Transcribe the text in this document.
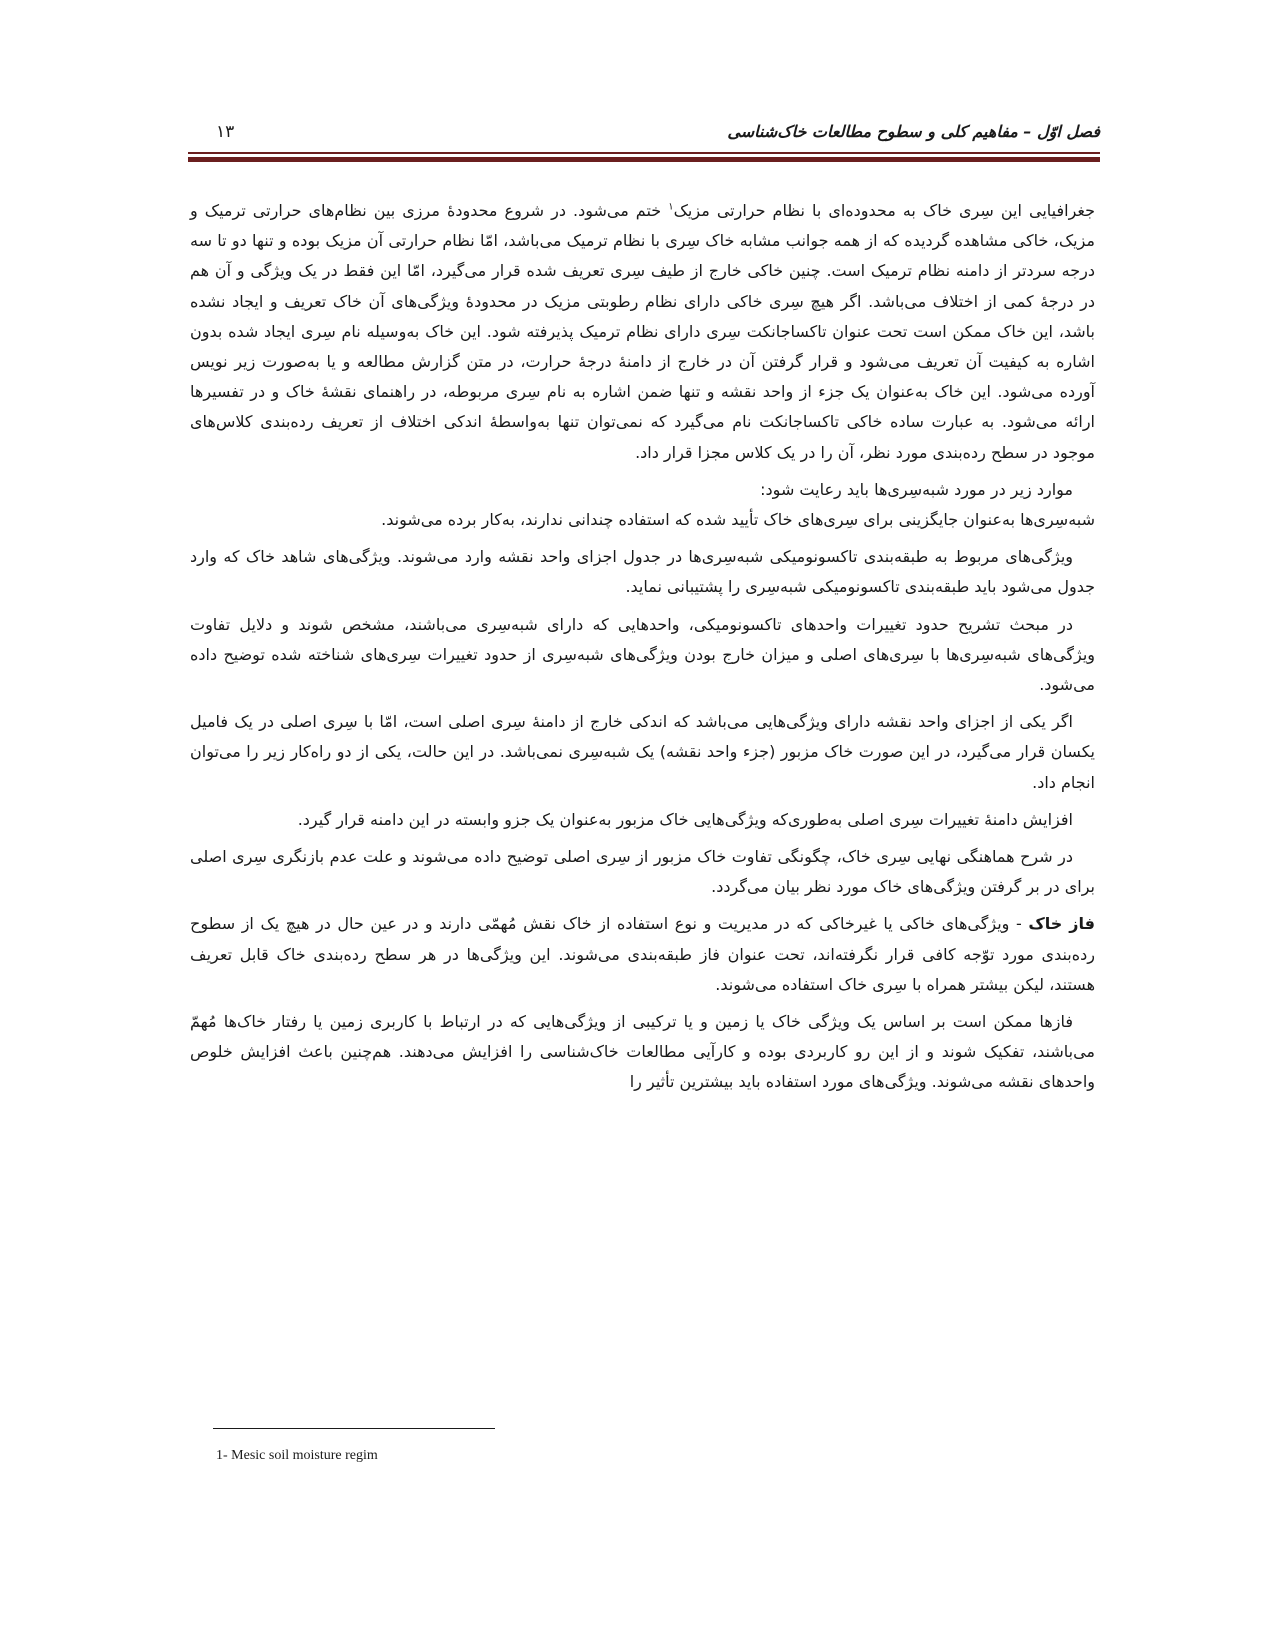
فصل اوّل – مفاهیم کلی و سطوح مطالعات خاک‌شناسی
۱۳

جغرافیایی این سِری خاک به محدوده‌ای با نظام حرارتی مزیک$^۱$ ختم می‌شود. در شروع محدودهٔ مرزی بین نظام‌های حرارتی ترمیک و مزیک، خاکی مشاهده گردیده که از همه جوانب مشابه خاک سِری با نظام ترمیک می‌باشد، امّا نظام حرارتی آن مزیک بوده و تنها دو تا سه درجه سردتر از دامنه نظام ترمیک است. چنین خاکی خارج از طیف سِری تعریف شده قرار می‌گیرد، امّا این فقط در یک ویژگی و آن هم در درجهٔ کمی از اختلاف می‌باشد. اگر هیچ سِری خاکی دارای نظام رطوبتی مزیک در محدودهٔ ویژگی‌های آن خاک تعریف و ایجاد نشده باشد، این خاک ممکن است تحت عنوان تاکساجانکت سِری دارای نظام ترمیک پذیرفته شود. این خاک به‌وسیله نام سِری ایجاد شده بدون اشاره به کیفیت آن تعریف می‌شود و قرار گرفتن آن در خارج از دامنهٔ درجهٔ حرارت، در متن گزارش مطالعه و یا به‌صورت زیر نویس آورده می‌شود. این خاک به‌عنوان یک جزء از واحد نقشه و تنها ضمن اشاره به نام سِری مربوطه، در راهنمای نقشهٔ خاک و در تفسیرها ارائه می‌شود. به عبارت ساده خاکی تاکساجانکت نام می‌گیرد که نمی‌توان تنها به‌واسطهٔ اندکی اختلاف از تعریف رده‌بندی کلاس‌های موجود در سطح رده‌بندی مورد نظر، آن را در یک کلاس مجزا قرار داد.

موارد زیر در مورد شبه‌سِری‌ها باید رعایت شود:

شبه‌سِری‌ها به‌عنوان جایگزینی برای سِری‌های خاک تأیید شده که استفاده چندانی ندارند، به‌کار برده می‌شوند.

ویژگی‌های مربوط به طبقه‌بندی تاکسونومیکی شبه‌سِری‌ها در جدول اجزای واحد نقشه وارد می‌شوند. ویژگی‌های شاهد خاک که وارد جدول می‌شود باید طبقه‌بندی تاکسونومیکی شبه‌سِری را پشتیبانی نماید.

در مبحث تشریح حدود تغییرات واحدهای تاکسونومیکی، واحدهایی که دارای شبه‌سِری می‌باشند، مشخص شوند و دلایل تفاوت ویژگی‌های شبه‌سِری‌ها با سِری‌های اصلی و میزان خارج بودن ویژگی‌های شبه‌سِری از حدود تغییرات سِری‌های شناخته شده توضیح داده می‌شود.

اگر یکی از اجزای واحد نقشه دارای ویژگی‌هایی می‌باشد که اندکی خارج از دامنهٔ سِری اصلی است، امّا با سِری اصلی در یک فامیل یکسان قرار می‌گیرد، در این صورت خاک مزبور (جزء واحد نقشه) یک شبه‌سِری نمی‌باشد. در این حالت، یکی از دو راه‌کار زیر را می‌توان انجام داد.

افزایش دامنهٔ تغییرات سِری اصلی به‌طوری‌که ویژگی‌هایی خاک مزبور به‌عنوان یک جزو وابسته در این دامنه قرار گیرد.

در شرح هماهنگی نهایی سِری خاک، چگونگی تفاوت خاک مزبور از سِری اصلی توضیح داده می‌شوند و علت عدم بازنگری سِری اصلی برای در بر گرفتن ویژگی‌های خاک مورد نظر بیان می‌گردد.

فاز خاک - ویژگی‌های خاکی یا غیرخاکی که در مدیریت و نوع استفاده از خاک نقش مُهمّی دارند و در عین حال در هیچ یک از سطوح رده‌بندی مورد توّجه کافی قرار نگرفته‌اند، تحت عنوان فاز طبقه‌بندی می‌شوند. این ویژگی‌ها در هر سطح رده‌بندی خاک قابل تعریف هستند، لیکن بیشتر همراه با سِری خاک استفاده می‌شوند.

فازها ممکن است بر اساس یک ویژگی خاک یا زمین و یا ترکیبی از ویژگی‌هایی که در ارتباط با کاربری زمین یا رفتار خاک‌ها مُهمّ می‌باشند، تفکیک شوند و از این رو کاربردی بوده و کارآیی مطالعات خاک‌شناسی را افزایش می‌دهند. هم‌چنین باعث افزایش خلوص واحدهای نقشه می‌شوند. ویژگی‌های مورد استفاده باید بیشترین تأثیر را

1- Mesic soil moisture regim
